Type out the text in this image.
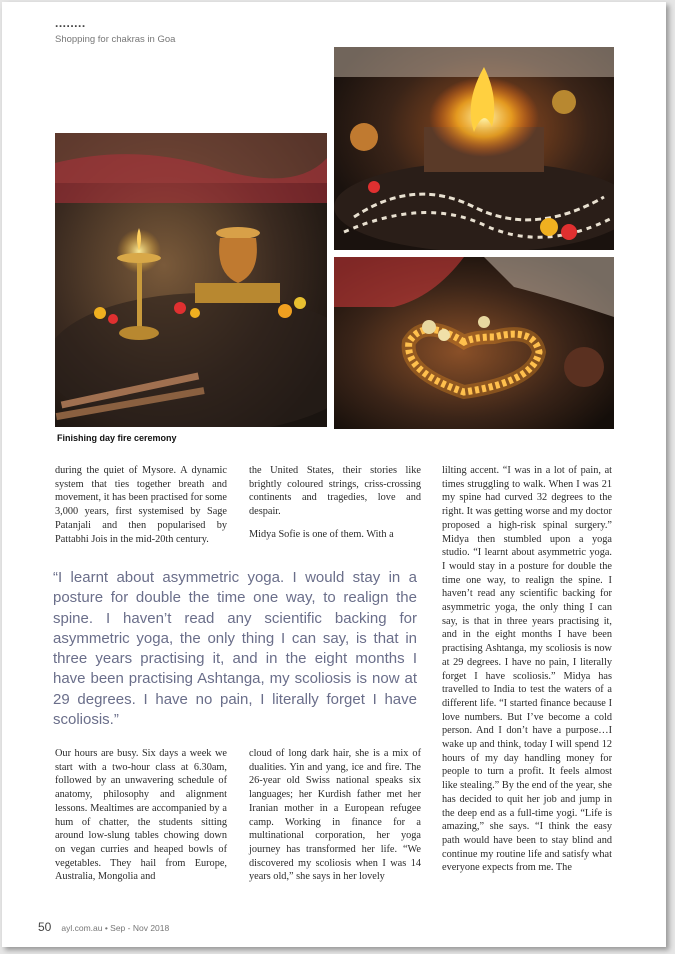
........
Shopping for chakras in Goa
Finishing day fire ceremony

during the quiet of Mysore. A dynamic system that ties together breath and movement, it has been practised for some 3,000 years, first systemised by Sage Patanjali and then popularised by Pattabhi Jois in the mid-20th century.

the United States, their stories like brightly coloured strings, criss-crossing continents and tragedies, love and despair.

Midya Sofie is one of them. With a

lilting accent. “I was in a lot of pain, at times struggling to walk. When I was 21 my spine had curved 32 degrees to the right. It was getting worse and my doctor proposed a high-risk spinal surgery.” Midya then stumbled upon a yoga studio. “I learnt about asymmetric yoga. I would stay in a posture for double the time one way, to realign the spine. I haven’t read any scientific backing for asymmetric yoga, the only thing I can say, is that in three years practising it, and in the eight months I have been practising Ashtanga, my scoliosis is now at 29 degrees. I have no pain, I literally forget I have scoliosis.” Midya has travelled to India to test the waters of a different life. “I started finance because I love numbers. But I’ve become a cold person. And I don’t have a purpose…I wake up and think, today I will spend 12 hours of my day handling money for people to turn a profit. It feels almost like stealing.” By the end of the year, she has decided to quit her job and jump in the deep end as a full-time yogi. “Life is amazing,” she says. “I think the easy path would have been to stay blind and continue my routine life and satisfy what everyone expects from me. The

“I learnt about asymmetric yoga. I would stay in a posture for double the time one way, to realign the spine. I haven’t read any scientific backing for asymmetric yoga, the only thing I can say, is that in three years practising it, and in the eight months I have been practising Ashtanga, my scoliosis is now at 29 degrees. I have no pain, I literally forget I have scoliosis.”

Our hours are busy. Six days a week we start with a two-hour class at 6.30am, followed by an unwavering schedule of anatomy, philosophy and alignment lessons. Mealtimes are accompanied by a hum of chatter, the students sitting around low-slung tables chowing down on vegan curries and heaped bowls of vegetables. They hail from Europe, Australia, Mongolia and

cloud of long dark hair, she is a mix of dualities. Yin and yang, ice and fire. The 26-year old Swiss national speaks six languages; her Kurdish father met her Iranian mother in a European refugee camp. Working in finance for a multinational corporation, her yoga journey has transformed her life. “We discovered my scoliosis when I was 14 years old,” she says in her lovely

50 ayl.com.au • Sep - Nov 2018
